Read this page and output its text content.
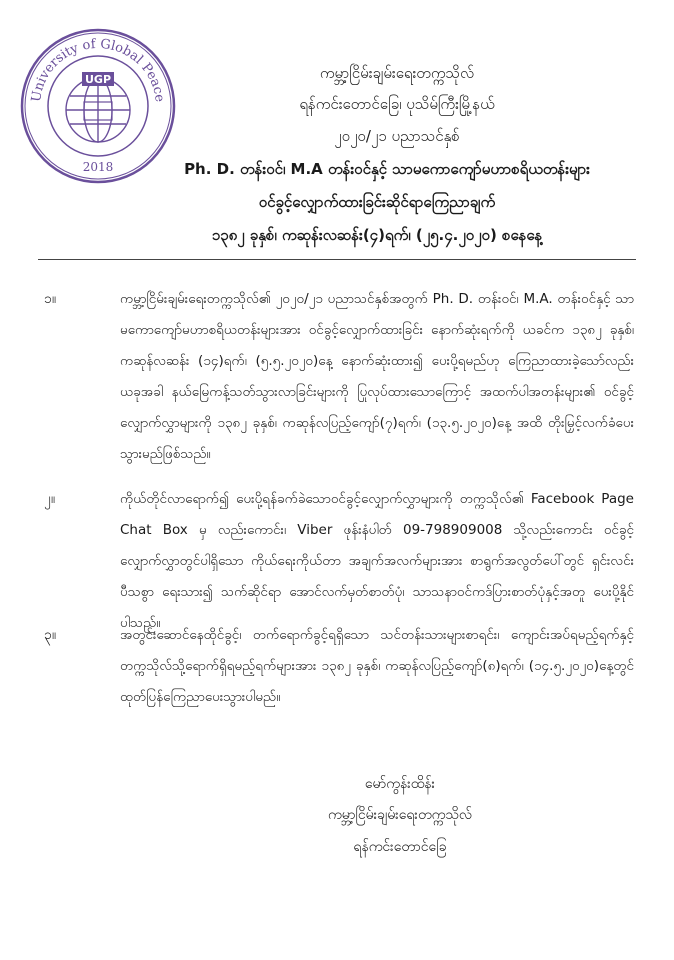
University of Global Peace
UGP
2018
ကမ္ဘာ့ငြိမ်းချမ်းရေးတက္ကသိုလ်
ရန်ကင်းတောင်ခြေ၊ ပုသိမ်ကြီးမြို့နယ်
၂၀၂၀/၂၁ ပညာသင်နှစ်
Ph. D. တန်းဝင်၊ M.A တန်းဝင်နှင့် သာမကောကျော်မဟာစရိယတန်းများ
ဝင်ခွင့်လျှောက်ထားခြင်းဆိုင်ရာကြေညာချက်
၁၃၈၂ ခုနှစ်၊ ကဆုန်းလဆန်း(၄)ရက်၊ (၂၅.၄.၂၀၂၀) စနေနေ့
၁။	ကမ္ဘာ့ငြိမ်းချမ်းရေးတက္ကသိုလ်၏ ၂၀၂၀/၂၁ ပညာသင်နှစ်အတွက် Ph. D. တန်းဝင်၊ M.A. တန်းဝင်နှင့် သာမကောကျော်မဟာစရိယတန်းများအား ဝင်ခွင့်လျှောက်ထားခြင်း နောက်ဆုံးရက်ကို ယခင်က ၁၃၈၂ ခုနှစ်၊ ကဆုန်လဆန်း (၁၄)ရက်၊ (၅.၅.၂၀၂၀)နေ့ နောက်ဆုံးထား၍ ပေးပို့ရမည်ဟု ကြေညာထားခဲ့သော်လည်း ယခုအခါ နယ်မြေကန့်သတ်သွားလာခြင်းများကို ပြုလုပ်ထားသောကြောင့် အထက်ပါအတန်းများ၏ ဝင်ခွင့်လျှောက်လွှာများကို ၁၃၈၂ ခုနှစ်၊ ကဆုန်လပြည့်ကျော်(၇)ရက်၊ (၁၃.၅.၂၀၂၀)နေ့ အထိ တိုးမြှင့်လက်ခံပေးသွားမည်ဖြစ်သည်။
၂။	ကိုယ်တိုင်လာရောက်၍ ပေးပို့ရန်ခက်ခဲသောဝင်ခွင့်လျှောက်လွှာများကို တက္ကသိုလ်၏ Facebook Page Chat Box မှ လည်းကောင်း၊ Viber ဖုန်းနံပါတ် 09-798909008 သို့လည်းကောင်း ဝင်ခွင့်လျှောက်လွှာတွင်ပါရှိသော ကိုယ်ရေးကိုယ်တာ အချက်အလက်များအား စာရွက်အလွတ်ပေါ်တွင် ရှင်းလင်းပီသစွာ ရေးသား၍ သက်ဆိုင်ရာ အောင်လက်မှတ်စာတ်ပုံ၊ သာသနာဝင်ကဒ်ပြားစာတ်ပုံနှင့်အတူ ပေးပို့နိုင်ပါသည်။
၃။	အတွင်းဆောင်နေထိုင်ခွင့်၊ တက်ရောက်ခွင့်ရရှိသော သင်တန်းသားများစာရင်း၊ ကျောင်းအပ်ရမည့်ရက်နှင့် တက္ကသိုလ်သို့ရောက်ရှိရမည့်ရက်များအား ၁၃၈၂ ခုနှစ်၊ ကဆုန်လပြည့်ကျော်(၈)ရက်၊ (၁၄.၅.၂၀၂၀)နေ့တွင် ထုတ်ပြန်ကြေညာပေးသွားပါမည်။
မော်ကွန်းထိန်း
ကမ္ဘာ့ငြိမ်းချမ်းရေးတက္ကသိုလ်
ရန်ကင်းတောင်ခြေ
